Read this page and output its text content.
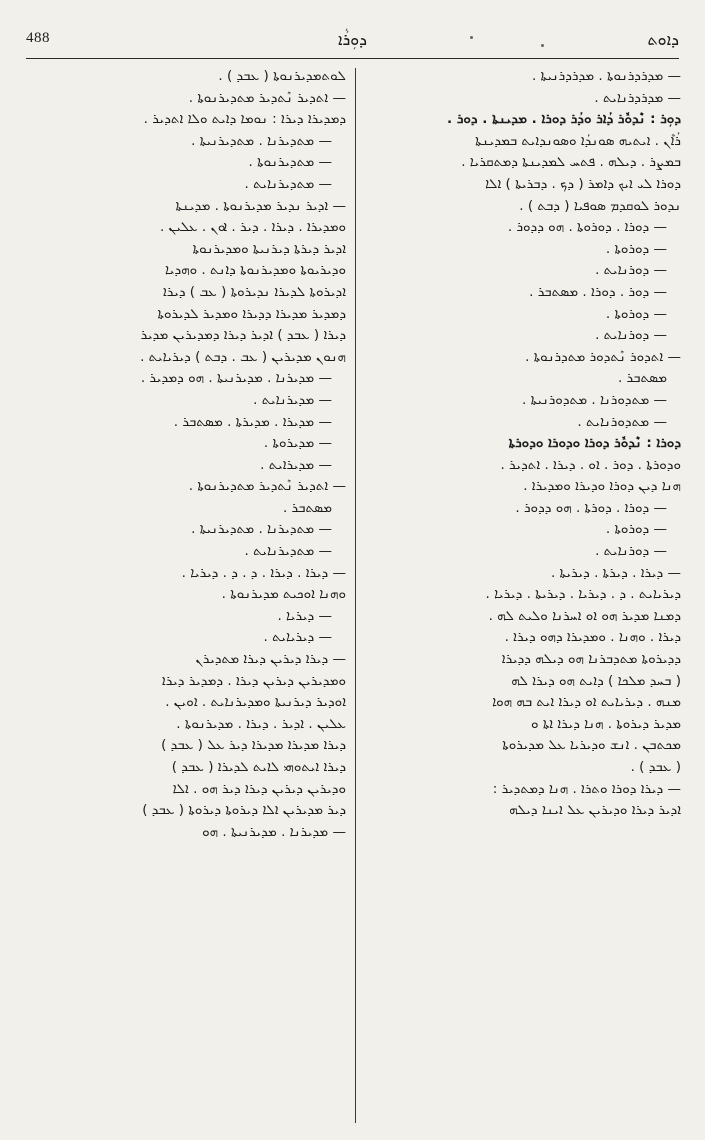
488	ܕܘܼܪܵܐ	ܕܐܘܬ
— ܡܕܪܕܪܢܘܬܐ . ܡܕܪܕܪܢܝܬܐ .
— ܡܕܪܕܪܢܐܝܬ .
ܕܘܼܪ : ܢܶܕܘܽܪ ܕܳܐܪ ܘܕܳܪ ܕܘܪܐ . ܡܕܝܢܬܐ . ܕܘܪ .
ܪܳܐܶܢ . ܐܝܬܝܗ ܣܘܢܕܳܐ ܘܣܘܢܕܐܝܬ ܒܡܕܝܢܬܐ
ܒܡܨܪ . ܕܝܠܗ . ܦܬܚ ܠܡܕܝܢܬܐ ܕܡܬܩܪܝܐ .
ܕܘܪܐ ܠܝ ܐܝܟ ܕܐܡܪ ( ܕܟ . ܕܒܪܝܬܐ ) ܐܠܐ
ܢܕܘܪ ܠܘܩܕܡ ܣܘܦܝܐ ( ܕܒܬ ) .
— ܕܘܪܐ . ܕܘܪܘܬܐ . ܗܘ ܕܕܘܪ .
— ܕܘܪܘܬܐ .
— ܕܘܪܢܐܝܬ .
— ܕܘܪ . ܕܘܪܐ . ܡܣܬܒܪ .
— ܕܘܪܘܬܐ .
— ܕܘܪܢܐܝܬ .
— ܐܬܕܘܪ ܢܶܬܕܘܪ ܡܬܕܪܢܘܬܐ .
ܡܣܬܒܪ .
— ܡܬܕܘܪܢܐ . ܡܬܕܘܪܢܝܬܐ .
— ܡܬܕܘܪܢܐܝܬ .
ܕܘܪܐ : ܢܶܕܘܽܪ ܕܘܪܐ ܘܕܘܪܐ ܘܕܘܪܬܐ
ܘܕܘܪܬܐ . ܕܘܪ . ܐܘ . ܕܝܪܐ . ܐܬܕܝܪ .
ܗܢܐ ܕܝܢ ܕܘܪܐ ܘܕܝܪܐ ܘܡܕܝܪܐ .
— ܕܘܪܐ . ܕܘܪܬܐ . ܗܘ ܕܕܘܪ .
— ܕܘܪܘܬܐ .
— ܕܘܪܢܐܝܬ .
— ܕܝܪܐ . ܕܝܪܬܐ . ܕܝܪܝܬܐ .
ܕܝܪܝܐܝܬ . ܕ . ܕܝܪܝܐ . ܕܝܪܝܬܐ . ܕܝܪܝܐ .
ܕܡܢܐ ܡܕܝܪ ܗܘ ܐܘ ܐܚܪܢܐ ܘܠܝܬ ܠܗ .
ܕܝܪܐ . ܘܗܢܐ . ܘܡܕܝܪܐ ܕܗܘ ܕܝܪܐ .
ܕܕܝܪܘܬܐ ܡܬܕܒܪܢܐ ܗܘ ܕܝܠܗ ܕܕܝܪܐ
( ܒܚܕ ܡܠܟܐ ) ܕܐܝܬ ܗܘ ܕܝܪܐ ܠܗ
ܡܢܗ . ܕܝܪܝܐܝܬ ܐܘ ܕܝܪܐ ܐܝܬ ܒܗ ܗܘܐ
ܡܕܝܪ ܕܝܪܘܬܐ . ܗܢܐ ܕܝܪܐ ܐܬܐ ܘ
ܡܟܬܒܢ . ܐܢܫ ܘܕܝܪܝܐ ܥܠ ܡܕܝܪܘܬܐ
( ܥܒܕ ) .
— ܕܝܪܐ ܕܘܪܐ ܘܬܪܐ . ܗܢܐ ܕܡܬܕܝܪ :
ܐܕܝܪ ܕܝܪܐ ܘܕܝܪܝܢ ܥܠ ܐܝܢܐ ܕܝܠܗ
ܠܘܬܡܕܝܪܢܘܬܐ ( ܥܒܕ ) .
— ܐܬܕܝܪ ܢܶܬܕܝܪ ܡܬܕܝܪܢܘܬܐ .
ܕܡܕܝܪܐ ܕܝܪܐ : ܢܘܡܐ ܕܐܝܬ ܘܠܐ ܐܬܕܝܪ .
— ܡܬܕܝܪܢܐ . ܡܬܕܝܪܢܝܬܐ .
— ܡܬܕܝܪܢܘܬܐ .
— ܡܬܕܝܪܢܐܝܬ .
— ܐܕܝܪ ܢܕܝܪ ܡܕܝܪܢܘܬܐ . ܡܕܝܢܬܐ
ܘܡܕܝܪܐ . ܕܝܪܐ . ܕܝܪ . ܐܘܢ . ܥܠܝܢ .
ܐܕܝܪ ܕܝܪܬܐ ܕܝܪܢܝܬܐ ܘܡܕܝܪܢܘܬܐ
ܘܕܝܪܝܘܬܐ ܘܡܕܝܪܢܘܬܐ ܕܐܢܬ . ܘܗܕܝܐ
ܐܕܝܪܘܬܐ ܠܕܝܪܐ ܢܕܝܪܘܬܐ ( ܥܒ ) ܕܝܪܐ
ܕܡܕܝܪ ܡܕܝܪܐ ܕܕܝܪܐ ܘܡܕܝܪ ܠܕܝܪܘܬܐ
ܕܝܪܐ ( ܥܒܕ ) ܐܕܝܪ ܕܝܪܐ ܕܡܕܝܪܝܢ ܡܕܝܪ
ܗܢܘܢ ܡܕܝܪܝܢ ( ܥܒ . ܕܒܬ ) ܕܝܪܝܐܝܬ .
— ܡܕܝܪܢܐ . ܡܕܝܪܢܝܬܐ . ܗܘ ܕܡܕܝܪ .
— ܡܕܝܪܢܐܝܬ .
— ܡܕܝܪܐ . ܡܕܝܪܬܐ . ܡܣܬܒܪ .
— ܡܕܝܪܘܬܐ .
— ܡܕܝܪܐܝܬ .
— ܐܬܕܝܪ ܢܶܬܕܝܪ ܡܬܕܝܪܢܘܬܐ .
ܡܣܬܒܪ .
— ܡܬܕܝܪܢܐ . ܡܬܕܝܪܢܝܬܐ .
— ܡܬܕܝܪܢܐܝܬ .
— ܕܝܪܐ . ܕܝܪܐ . ܕ . ܕ . ܕܝܪܝܐ .
ܘܗܢܐ ܐܘܟܝܬ ܡܕܝܪܢܘܬܐ .
— ܕܝܪܝܐ .
— ܕܝܪܝܐܝܬ .
— ܕܝܪܐ ܕܝܪܝܢ ܕܝܪܐ ܡܬܕܝܪܢ
ܘܡܕܝܪܝܢ ܕܝܪܝܢ ܕܝܪܐ . ܕܡܕܝܪ ܕܝܪܐ
ܐܘܕܝܪ ܕܝܪܢܝܬܐ ܘܡܕܝܪܢܐܝܬ . ܐܘܝܢ .
ܥܠܝܢ . ܐܕܝܪ . ܕܝܪܐ . ܡܕܝܪܢܘܬܐ .
ܕܝܪܐ ܡܕܝܪܐ ܡܕܝܪܐ ܕܝܪ ܥܠ ( ܥܒܕ )
ܕܝܪܐ ܐܝܬܘܗܝ ܠܐܝܬ ܠܕܝܪܐ ( ܥܒܕ )
ܘܕܝܪܝܢ ܕܝܪܝܢ ܕܝܪܐ ܕܝܪ ܗܘ . ܐܠܐ
ܕܝܪ ܡܕܝܪܝܢ ܐܠܐ ܕܝܪܘܬܐ ܕܝܪܘܬܐ ( ܥܒܕ )
— ܡܕܝܪܢܐ . ܡܕܝܪܢܝܬܐ . ܗܘ
